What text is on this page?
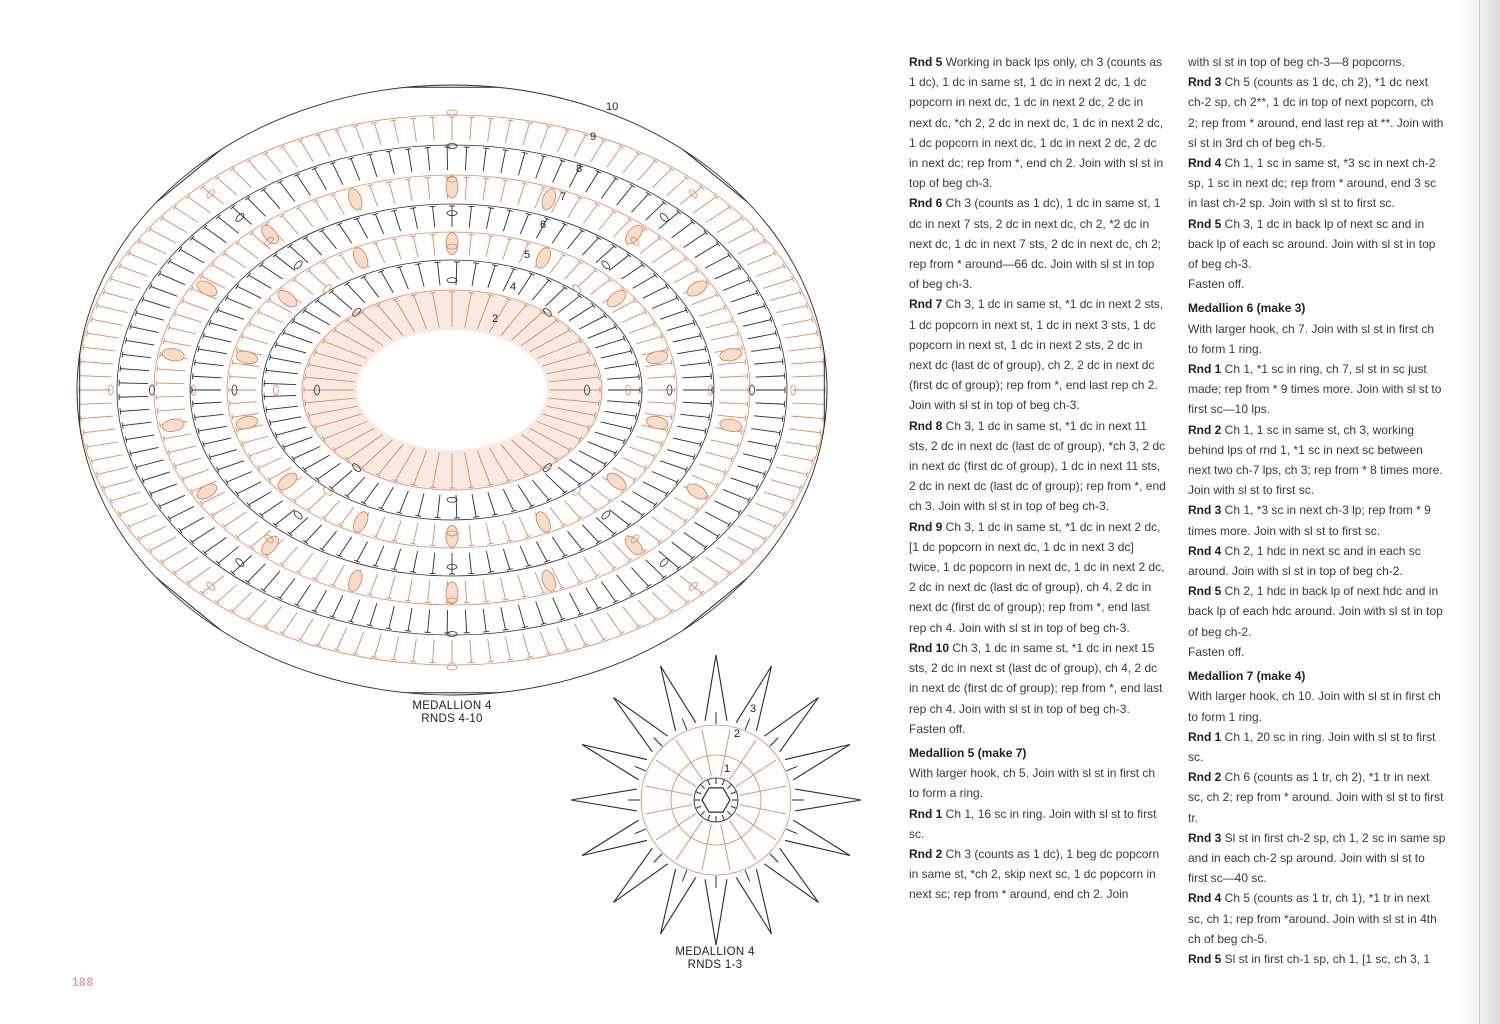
2
4
5
6
7
8
9
10
1
2
3
MEDALLION 4
RNDS 4-10
MEDALLION 4
RNDS 1-3
188

Rnd 5 Working in back lps only, ch 3 (counts as 1 dc), 1 dc in same st, 1 dc in next 2 dc, 1 dc popcorn in next dc, 1 dc in next 2 dc, 2 dc in next dc, *ch 2, 2 dc in next dc, 1 dc in next 2 dc, 1 dc popcorn in next dc, 1 dc in next 2 dc, 2 dc in next dc; rep from *, end ch 2. Join with sl st in top of beg ch-3.

Rnd 6 Ch 3 (counts as 1 dc), 1 dc in same st, 1 dc in next 7 sts, 2 dc in next dc, ch 2, *2 dc in next dc, 1 dc in next 7 sts, 2 dc in next dc, ch 2; rep from * around—66 dc. Join with sl st in top of beg ch-3.

Rnd 7 Ch 3, 1 dc in same st, *1 dc in next 2 sts, 1 dc popcorn in next st, 1 dc in next 3 sts, 1 dc popcorn in next st, 1 dc in next 2 sts, 2 dc in next dc (last dc of group), ch 2, 2 dc in next dc (first dc of group); rep from *, end last rep ch 2. Join with sl st in top of beg ch-3.

Rnd 8 Ch 3, 1 dc in same st, *1 dc in next 11 sts, 2 dc in next dc (last dc of group), *ch 3, 2 dc in next dc (first dc of group), 1 dc in next 11 sts, 2 dc in next dc (last dc of group); rep from *, end ch 3. Join with sl st in top of beg ch-3.

Rnd 9 Ch 3, 1 dc in same st, *1 dc in next 2 dc, [1 dc popcorn in next dc, 1 dc in next 3 dc] twice, 1 dc popcorn in next dc, 1 dc in next 2 dc, 2 dc in next dc (last dc of group), ch 4, 2 dc in next dc (first dc of group); rep from *, end last rep ch 4. Join with sl st in top of beg ch-3.

Rnd 10 Ch 3, 1 dc in same st, *1 dc in next 15 sts, 2 dc in next st (last dc of group), ch 4, 2 dc in next dc (first dc of group); rep from *, end last rep ch 4. Join with sl st in top of beg ch-3.

Fasten off.

Medallion 5 (make 7)

With larger hook, ch 5. Join with sl st in first ch to form a ring.

Rnd 1 Ch 1, 16 sc in ring. Join with sl st to first sc.

Rnd 2 Ch 3 (counts as 1 dc), 1 beg dc popcorn in same st, *ch 2, skip next sc, 1 dc popcorn in next sc; rep from * around, end ch 2. Join

with sl st in top of beg ch-3—8 popcorns.

Rnd 3 Ch 5 (counts as 1 dc, ch 2), *1 dc next ch-2 sp, ch 2**, 1 dc in top of next popcorn, ch 2; rep from * around, end last rep at **. Join with sl st in 3rd ch of beg ch-5.

Rnd 4 Ch 1, 1 sc in same st, *3 sc in next ch-2 sp, 1 sc in next dc; rep from * around, end 3 sc in last ch-2 sp. Join with sl st to first sc.

Rnd 5 Ch 3, 1 dc in back lp of next sc and in back lp of each sc around. Join with sl st in top of beg ch-3.

Fasten off.

Medallion 6 (make 3)

With larger hook, ch 7. Join with sl st in first ch to form 1 ring.

Rnd 1 Ch 1, *1 sc in ring, ch 7, sl st in sc just made; rep from * 9 times more. Join with sl st to first sc—10 lps.

Rnd 2 Ch 1, 1 sc in same st, ch 3, working behind lps of rnd 1, *1 sc in next sc between next two ch-7 lps, ch 3; rep from * 8 times more. Join with sl st to first sc.

Rnd 3 Ch 1, *3 sc in next ch-3 lp; rep from * 9 times more. Join with sl st to first sc.

Rnd 4 Ch 2, 1 hdc in next sc and in each sc around. Join with sl st in top of beg ch-2.

Rnd 5 Ch 2, 1 hdc in back lp of next hdc and in back lp of each hdc around. Join with sl st in top of beg ch-2.

Fasten off.

Medallion 7 (make 4)

With larger hook, ch 10. Join with sl st in first ch to form 1 ring.

Rnd 1 Ch 1, 20 sc in ring. Join with sl st to first sc.

Rnd 2 Ch 6 (counts as 1 tr, ch 2), *1 tr in next sc, ch 2; rep from * around. Join with sl st to first tr.

Rnd 3 Sl st in first ch-2 sp, ch 1, 2 sc in same sp and in each ch-2 sp around. Join with sl st to first sc—40 sc.

Rnd 4 Ch 5 (counts as 1 tr, ch 1), *1 tr in next sc, ch 1; rep from *around. Join with sl st in 4th ch of beg ch-5.

Rnd 5 Sl st in first ch-1 sp, ch 1, [1 sc, ch 3, 1
